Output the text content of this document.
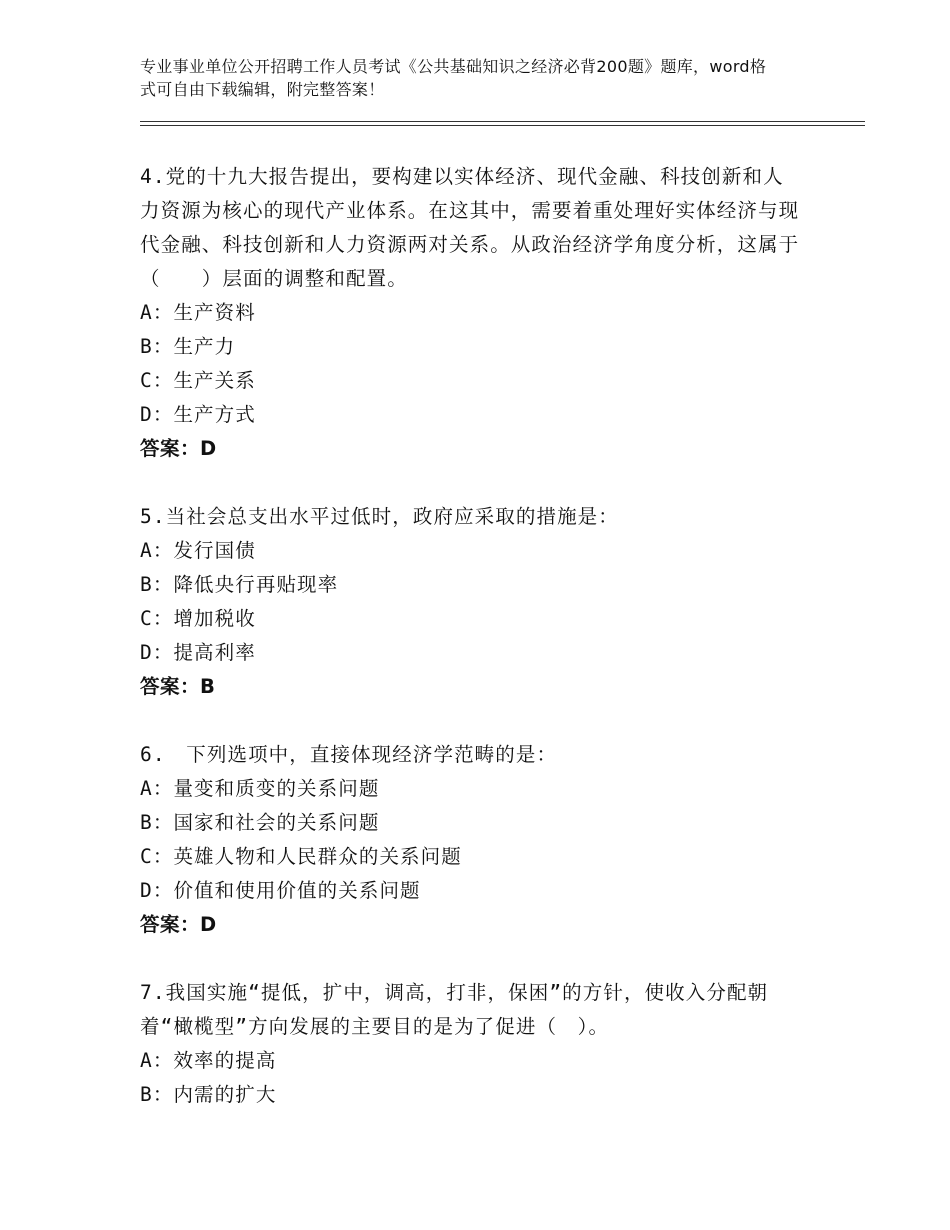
专业事业单位公开招聘工作人员考试《公共基础知识之经济必背200题》题库，word格式可自由下载编辑，附完整答案！
4.党的十九大报告提出，要构建以实体经济、现代金融、科技创新和人力资源为核心的现代产业体系。在这其中，需要着重处理好实体经济与现代金融、科技创新和人力资源两对关系。从政治经济学角度分析，这属于（　　）层面的调整和配置。
A：生产资料
B：生产力
C：生产关系
D：生产方式
答案：D
5.当社会总支出水平过低时，政府应采取的措施是：
A：发行国债
B：降低央行再贴现率
C：增加税收
D：提高利率
答案：B
6.　下列选项中，直接体现经济学范畴的是：
A：量变和质变的关系问题
B：国家和社会的关系问题
C：英雄人物和人民群众的关系问题
D：价值和使用价值的关系问题
答案：D
7.我国实施“提低，扩中，调高，打非，保困”的方针，使收入分配朝着“橄榄型”方向发展的主要目的是为了促进（　）。
A：效率的提高
B：内需的扩大
